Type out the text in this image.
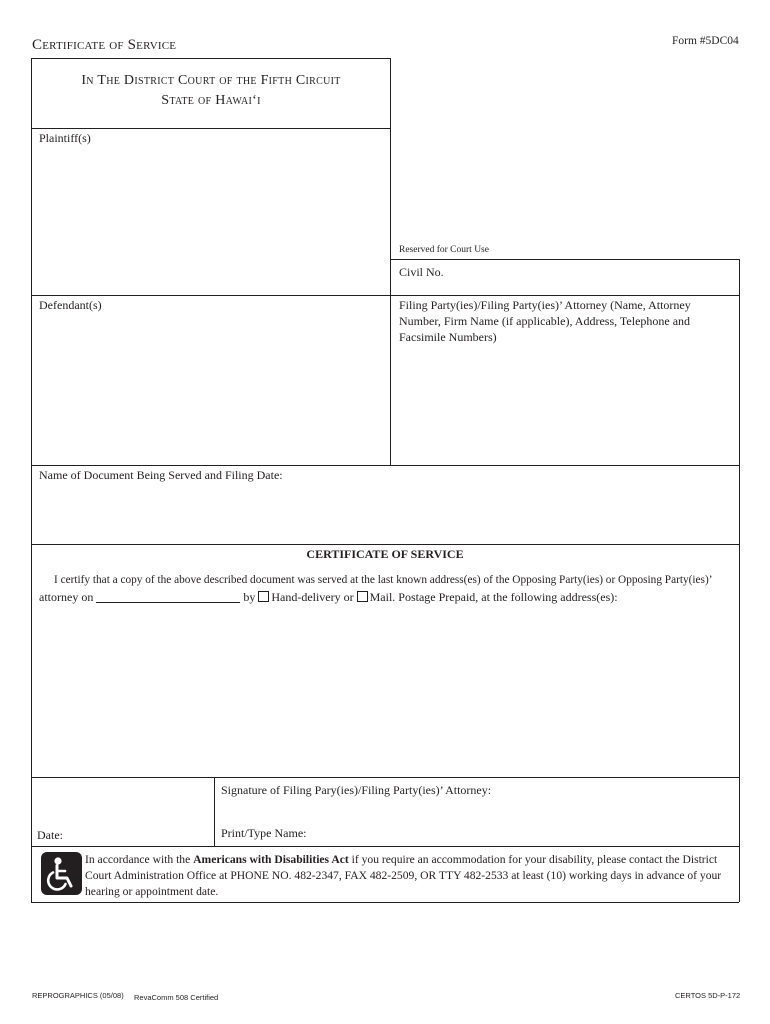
Certificate of Service	Form #5DC04
In The District Court of the Fifth Circuit
State of Hawai‘i
Plaintiff(s)
Reserved for Court Use
Civil No.
Defendant(s)	Filing Party(ies)/Filing Party(ies)’ Attorney (Name, Attorney Number, Firm Name (if applicable), Address, Telephone and Facsimile Numbers)
Name of Document Being Served and Filing Date:
CERTIFICATE OF SERVICE
I certify that a copy of the above described document was served at the last known address(es) of the Opposing Party(ies) or Opposing Party(ies)’
attorney on	by Hand-delivery or Mail. Postage Prepaid, at the following address(es):
Signature of Filing Pary(ies)/Filing Party(ies)’ Attorney:
Date:	Print/Type Name:
In accordance with the Americans with Disabilities Act if you require an accommodation for your disability, please contact the District Court Administration Office at PHONE NO. 482-2347, FAX 482-2509, OR TTY 482-2533 at least (10) working days in advance of your hearing or appointment date.
REPROGRAPHICS (05/08) RevaComm 508 Certified	CERTOS 5D-P-172
